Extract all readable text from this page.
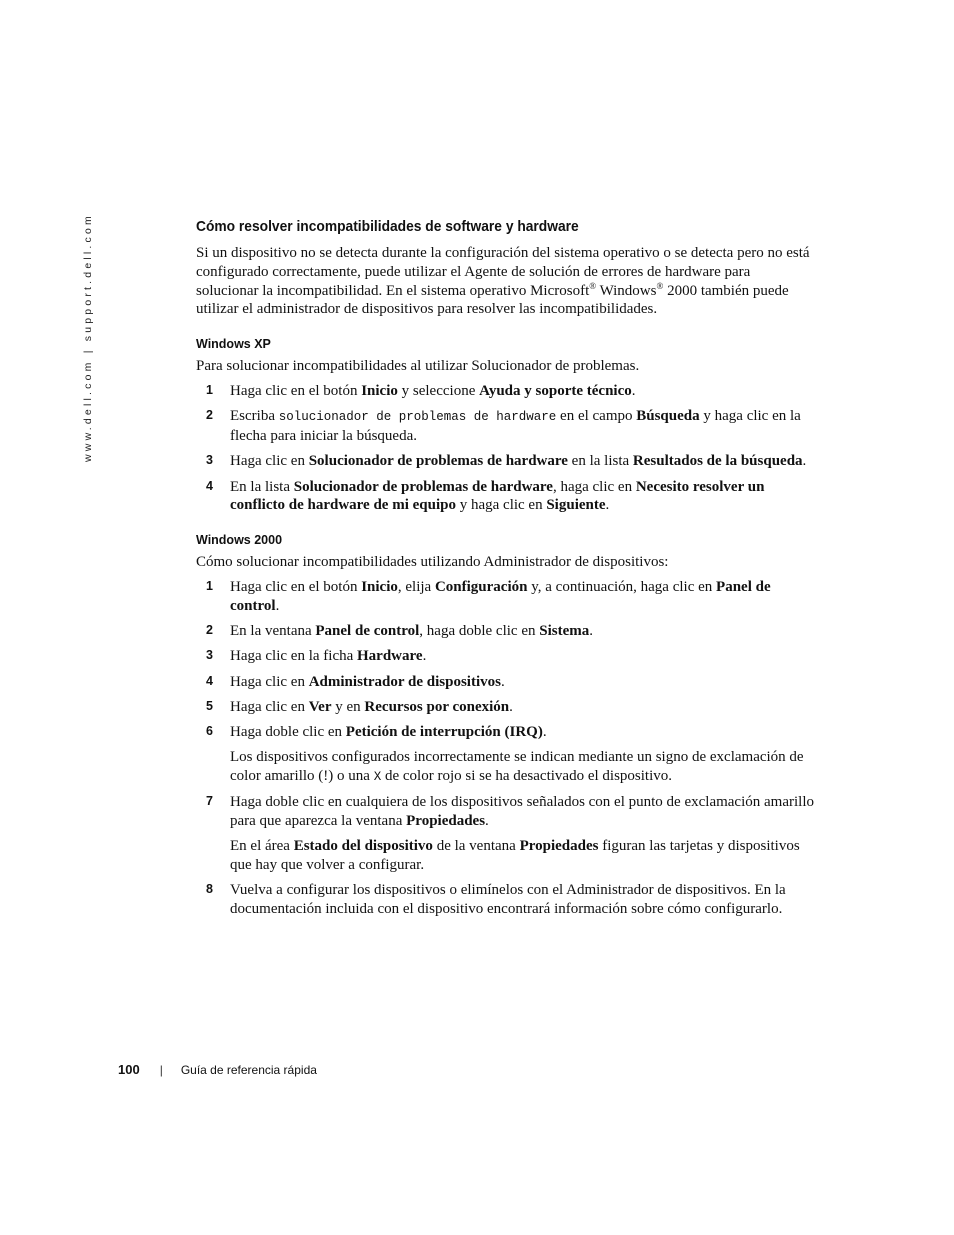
www.dell.com | support.dell.com	Cómo resolver incompatibilidades de software y hardware

Si un dispositivo no se detecta durante la configuración del sistema operativo o se detecta pero no está configurado correctamente, puede utilizar el Agente de solución de errores de hardware para solucionar la incompatibilidad. En el sistema operativo Microsoft® Windows® 2000 también puede utilizar el administrador de dispositivos para resolver las incompatibilidades.

Windows XP

Para solucionar incompatibilidades al utilizar Solucionador de problemas.

1 Haga clic en el botón Inicio y seleccione Ayuda y soporte técnico.
2 Escriba solucionador de problemas de hardware en el campo Búsqueda y haga clic en la flecha para iniciar la búsqueda.
3 Haga clic en Solucionador de problemas de hardware en la lista Resultados de la búsqueda.
4 En la lista Solucionador de problemas de hardware, haga clic en Necesito resolver un conflicto de hardware de mi equipo y haga clic en Siguiente.
Windows 2000

Cómo solucionar incompatibilidades utilizando Administrador de dispositivos:

1 Haga clic en el botón Inicio, elija Configuración y, a continuación, haga clic en Panel de control.
2 En la ventana Panel de control, haga doble clic en Sistema.
3 Haga clic en la ficha Hardware.
4 Haga clic en Administrador de dispositivos.
5 Haga clic en Ver y en Recursos por conexión.
6 Haga doble clic en Petición de interrupción (IRQ).
Los dispositivos configurados incorrectamente se indican mediante un signo de exclamación de color amarillo (!) o una X de color rojo si se ha desactivado el dispositivo.
7 Haga doble clic en cualquiera de los dispositivos señalados con el punto de exclamación amarillo para que aparezca la ventana Propiedades.
En el área Estado del dispositivo de la ventana Propiedades figuran las tarjetas y dispositivos que hay que volver a configurar.
8 Vuelva a configurar los dispositivos o elimínelos con el Administrador de dispositivos. En la documentación incluida con el dispositivo encontrará información sobre cómo configurarlo.
100 | Guía de referencia rápida
